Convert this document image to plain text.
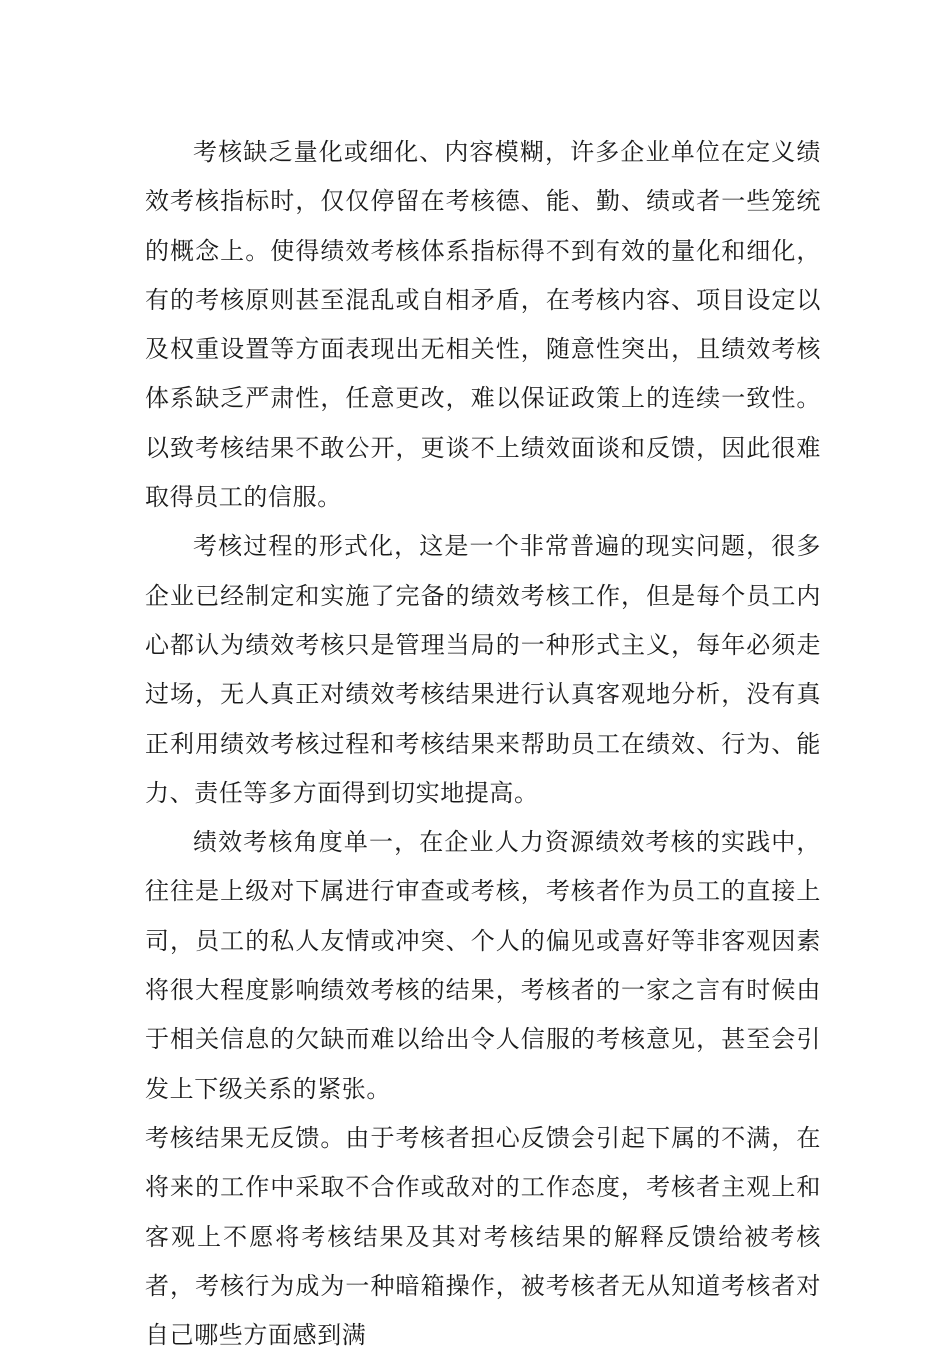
考核缺乏量化或细化、内容模糊，许多企业单位在定义绩效考核指标时，仅仅停留在考核德、能、勤、绩或者一些笼统的概念上。使得绩效考核体系指标得不到有效的量化和细化，有的考核原则甚至混乱或自相矛盾，在考核内容、项目设定以及权重设置等方面表现出无相关性，随意性突出，且绩效考核体系缺乏严肃性，任意更改，难以保证政策上的连续一致性。以致考核结果不敢公开，更谈不上绩效面谈和反馈，因此很难取得员工的信服。

考核过程的形式化，这是一个非常普遍的现实问题，很多企业已经制定和实施了完备的绩效考核工作，但是每个员工内心都认为绩效考核只是管理当局的一种形式主义，每年必须走过场，无人真正对绩效考核结果进行认真客观地分析，没有真正利用绩效考核过程和考核结果来帮助员工在绩效、行为、能力、责任等多方面得到切实地提高。

绩效考核角度单一，在企业人力资源绩效考核的实践中，往往是上级对下属进行审查或考核，考核者作为员工的直接上司，员工的私人友情或冲突、个人的偏见或喜好等非客观因素将很大程度影响绩效考核的结果，考核者的一家之言有时候由于相关信息的欠缺而难以给出令人信服的考核意见，甚至会引发上下级关系的紧张。

考核结果无反馈。由于考核者担心反馈会引起下属的不满，在将来的工作中采取不合作或敌对的工作态度，考核者主观上和客观上不愿将考核结果及其对考核结果的解释反馈给被考核者，考核行为成为一种暗箱操作，被考核者无从知道考核者对自己哪些方面感到满
